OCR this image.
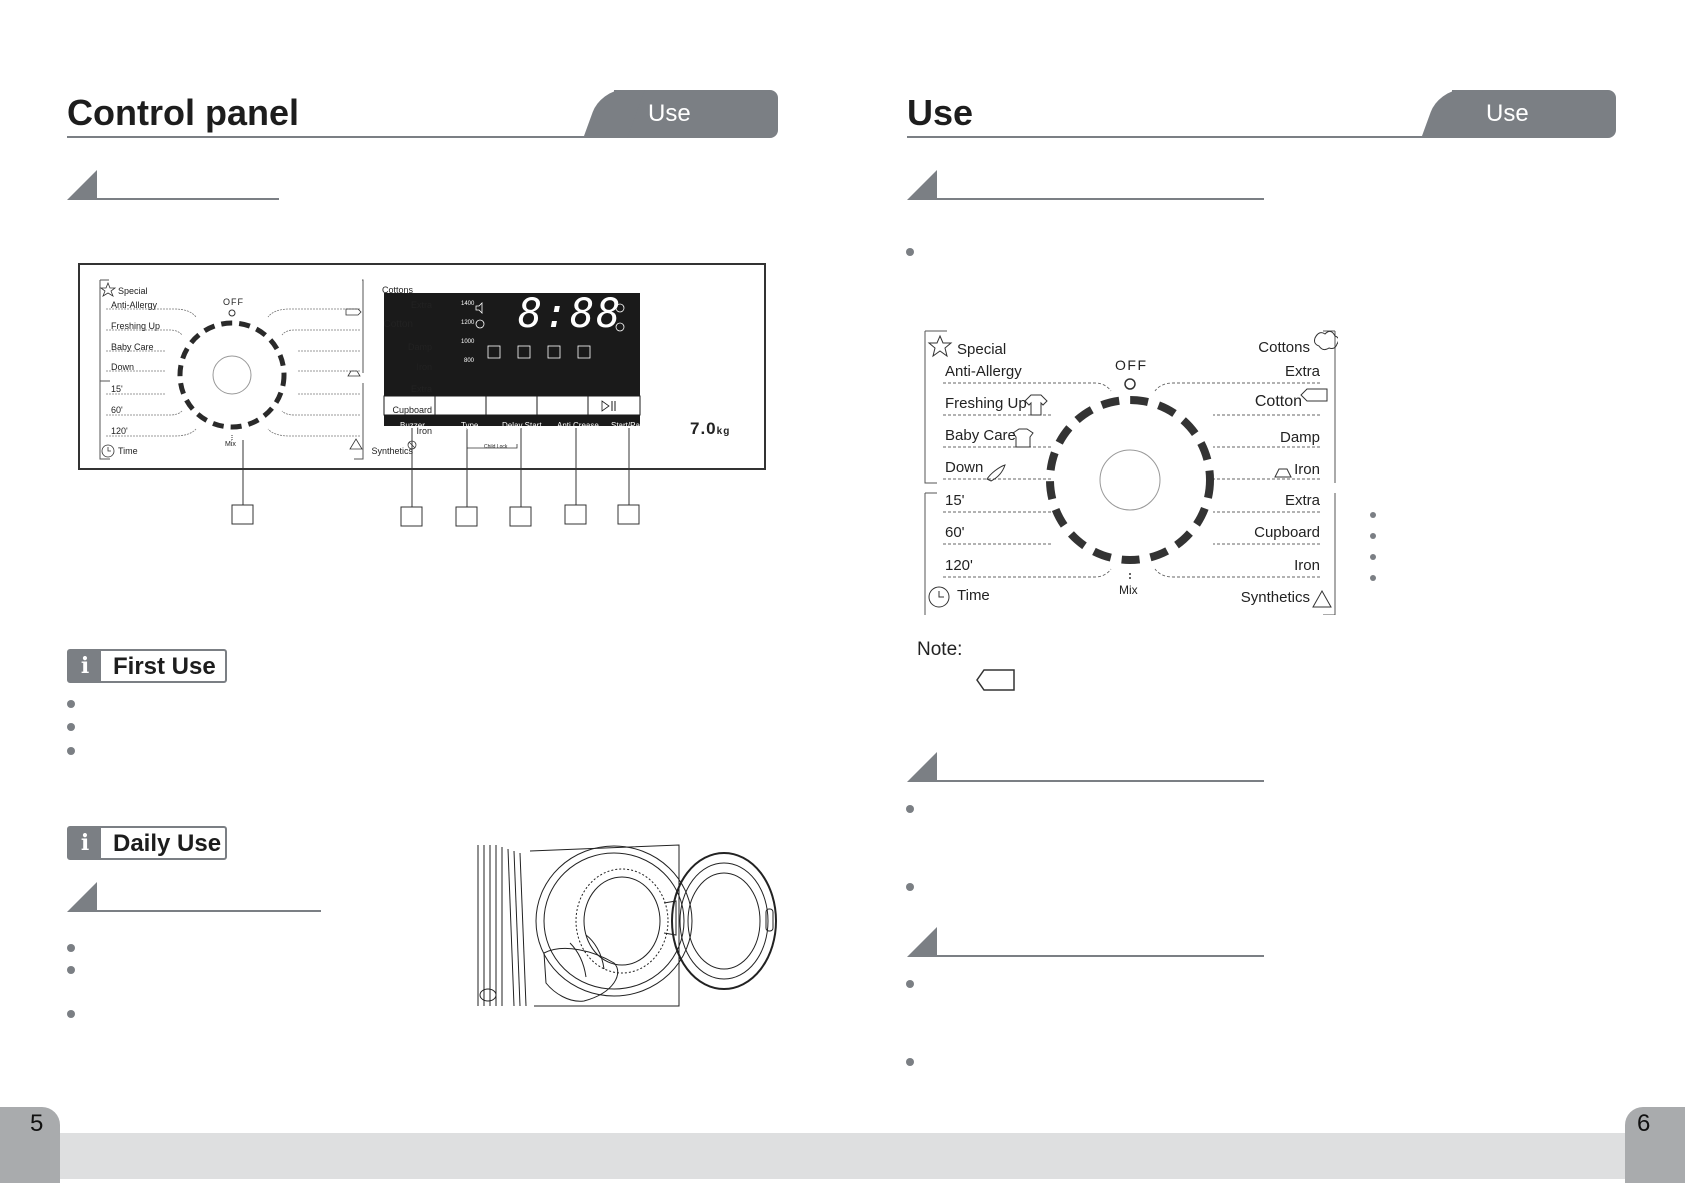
Control panel	Use Process
Special
Anti-Allergy
Freshing Up
Baby Care
Down
15'
60'
120'
Time
Cottons
Extra
Cotton
Damp
Iron
Extra
Cupboard
Iron
Synthetics
OFF
Mix
1400
1200
1000
800
8:88
Buzzer	Type	Delay Start Anti Crease Start/Pause
Child Lock
7.0kg
i First Use
i Daily Use
Use	Use Process
Special
Anti-Allergy
Freshing Up
Baby Care
Down
15'
60'
120'
Time
Cottons
Extra
Cotton
Damp
Iron
Extra
Cupboard
Iron
Synthetics
OFF
Mix
Note:
5	6
